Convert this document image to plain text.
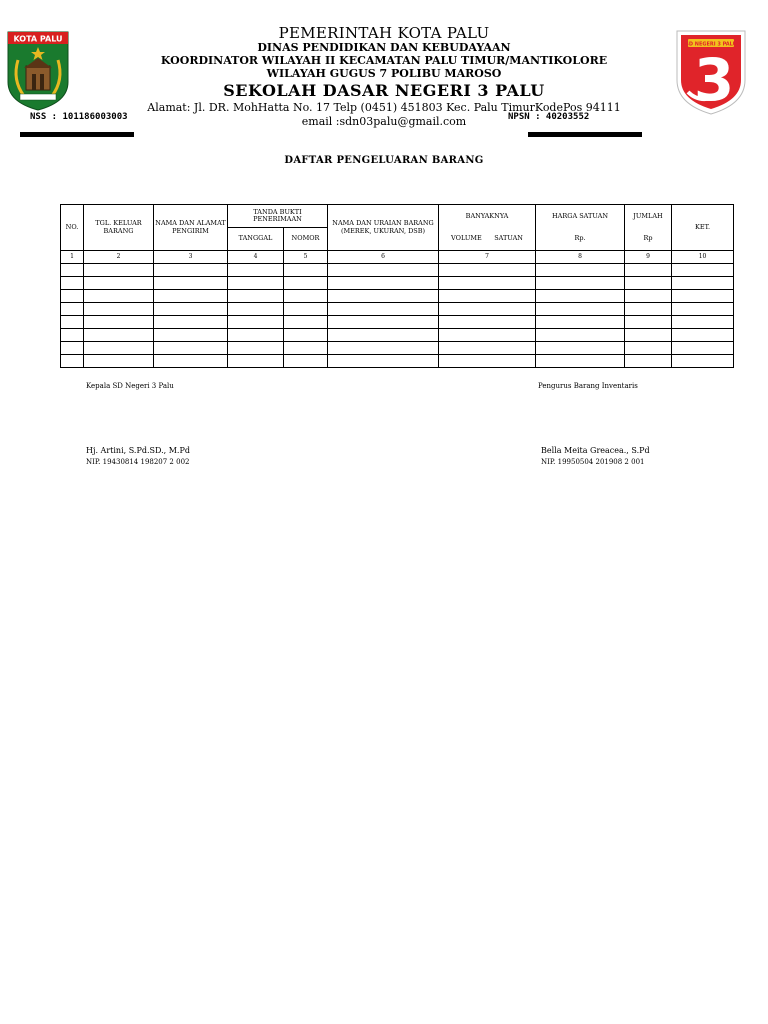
KOTA PALU
SD NEGERI 3 PALU
3
PEMERINTAH KOTA PALU
DINAS PENDIDIKAN DAN KEBUDAYAAN
KOORDINATOR WILAYAH II KECAMATAN PALU TIMUR/MANTIKOLORE
WILAYAH GUGUS 7 POLIBU MAROSO
SEKOLAH DASAR NEGERI 3 PALU
Alamat: Jl. DR. MohHatta No. 17 Telp (0451) 451803 Kec. Palu TimurKodePos 94111
email :sdn03palu@gmail.com
NSS : 101186003003	NPSN : 40203552
DAFTAR PENGELUARAN BARANG
NO.	TGL. KELUAR BARANG	NAMA DAN ALAMAT PENGIRIM	TANDA BUKTI PENERIMAAN		NAMA DAN URAIAN BARANG (MEREK, UKURAN, DSB)	BANYAKNYA	HARGA SATUAN	JUMLAH	KET.
			TANGGAL	NOMOR		VOLUME SATUAN	Rp.	Rp	
1	2	3	4	5	6	7	8	9	10

Kepala SD Negeri 3 Palu
Hj. Artini, S.Pd.SD., M.Pd
NIP. 19430814 198207 2 002
Pengurus Barang Inventaris
Bella Meita Greacea., S.Pd
NIP. 19950504 201908 2 001
